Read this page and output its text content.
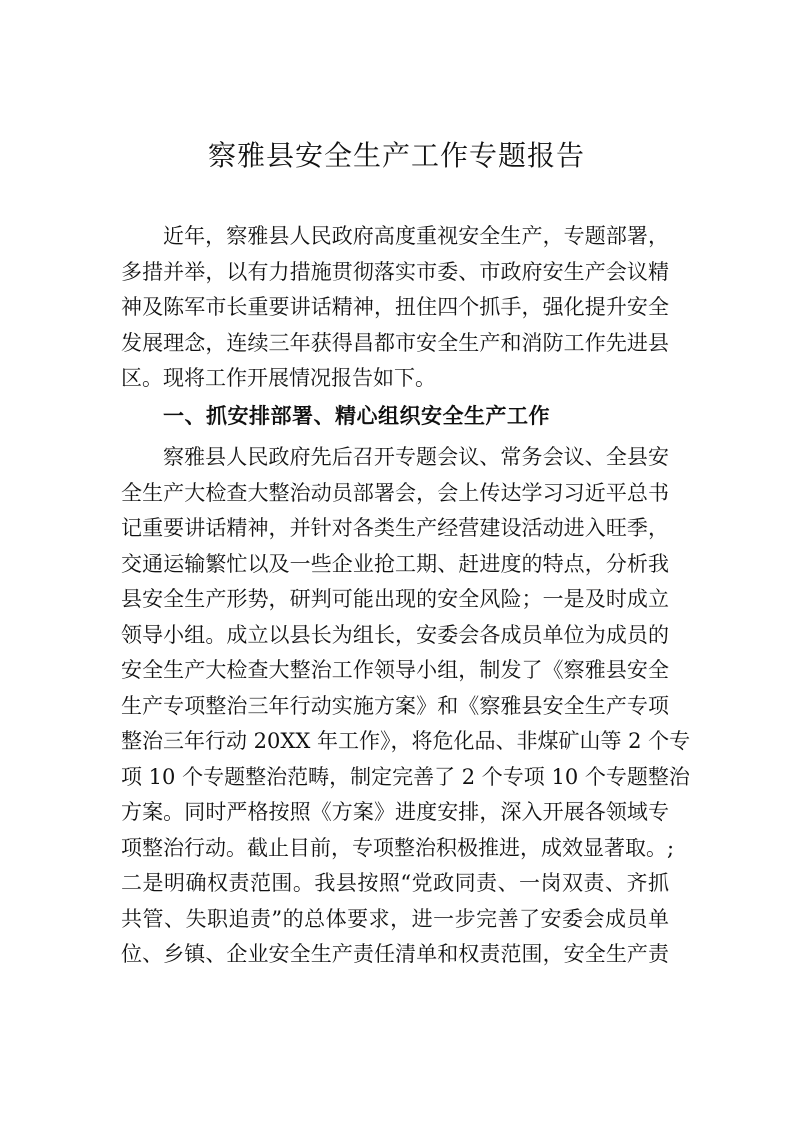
察雅县安全生产工作专题报告
近年，察雅县人民政府高度重视安全生产，专题部署，
多措并举，以有力措施贯彻落实市委、市政府安生产会议精
神及陈军市长重要讲话精神，扭住四个抓手，强化提升安全
发展理念，连续三年获得昌都市安全生产和消防工作先进县
区。现将工作开展情况报告如下。
一、抓安排部署、精心组织安全生产工作
察雅县人民政府先后召开专题会议、常务会议、全县安
全生产大检查大整治动员部署会，会上传达学习习近平总书
记重要讲话精神，并针对各类生产经营建设活动进入旺季，
交通运输繁忙以及一些企业抢工期、赶进度的特点，分析我
县安全生产形势，研判可能出现的安全风险；一是及时成立
领导小组。成立以县长为组长，安委会各成员单位为成员的
安全生产大检查大整治工作领导小组，制发了《察雅县安全
生产专项整治三年行动实施方案》和《察雅县安全生产专项
整治三年行动 20XX 年工作》，将危化品、非煤矿山等 2 个专
项 10 个专题整治范畴，制定完善了 2 个专项 10 个专题整治
方案。同时严格按照《方案》进度安排，深入开展各领域专
项整治行动。截止目前，专项整治积极推进，成效显著取。;
二是明确权责范围。我县按照“党政同责、一岗双责、齐抓
共管、失职追责”的总体要求，进一步完善了安委会成员单
位、乡镇、企业安全生产责任清单和权责范围，安全生产责
